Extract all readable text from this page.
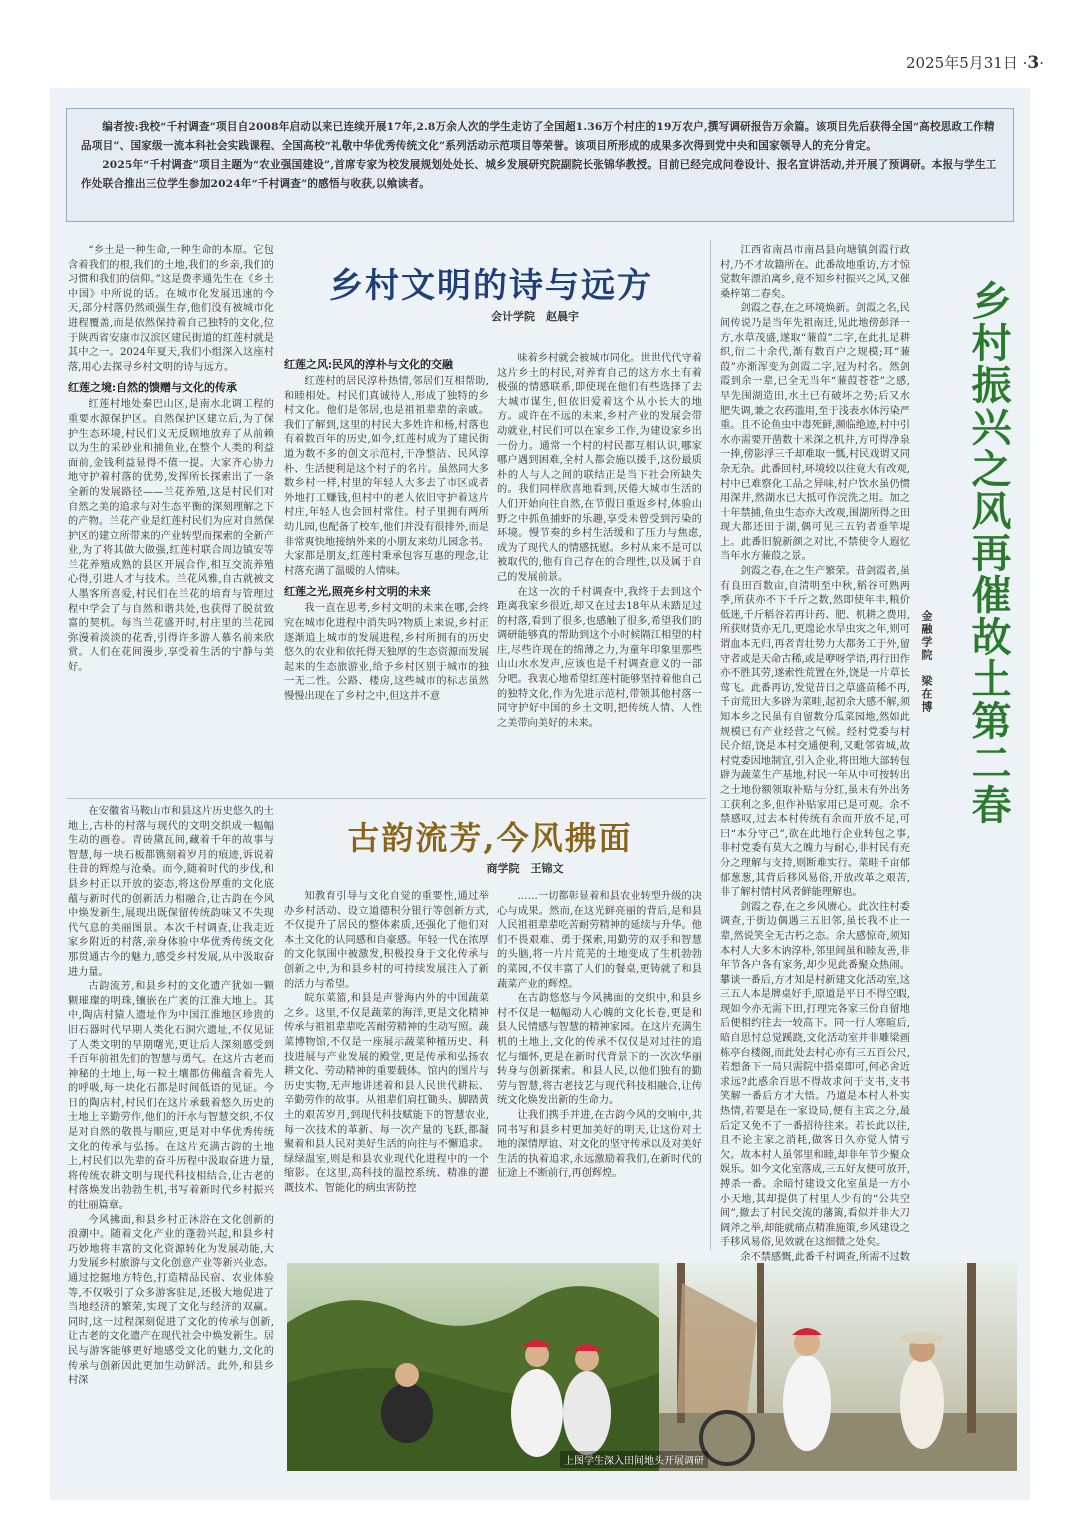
2025年5月31日 ·3·

编者按:我校“千村调查”项目自2008年启动以来已连续开展17年,2.8万余人次的学生走访了全国超1.36万个村庄的19万农户,撰写调研报告万余篇。该项目先后获得全国“高校思政工作精品项目”、国家级一流本科社会实践课程、全国高校“礼敬中华优秀传统文化”系列活动示范项目等荣誉。该项目所形成的成果多次得到党中央和国家领导人的充分肯定。

2025年“千村调查”项目主题为“农业强国建设”,首席专家为校发展规划处处长、城乡发展研究院副院长张锦华教授。目前已经完成问卷设计、报名宣讲活动,并开展了预调研。本报与学生工作处联合推出三位学生参加2024年“千村调查”的感悟与收获,以飨读者。

乡村文明的诗与远方
会计学院　赵晨宇

“乡土是一种生命,一种生命的本原。它包含着我们的根,我们的土地,我们的乡亲,我们的习惯和我们的信仰。”这是费孝通先生在《乡土中国》中所说的话。在城市化发展迅速的今天,部分村落仍然顽强生存,他们没有被城市化进程覆盖,而是依然保持着自己独特的文化,位于陕西省安康市汉滨区建民街道的红莲村就是其中之一。2024年夏天,我们小组深入这座村落,用心去探寻乡村文明的诗与远方。

红莲之境:自然的馈赠与文化的传承

红莲村地处秦巴山区,是南水北调工程的重要水源保护区。自然保护区建立后,为了保护生态环境,村民们义无反顾地放弃了从前赖以为生的采砂业和捕鱼业,在整个人类的利益面前,金钱利益显得不值一提。大家齐心协力地守护着村落的优势,发挥所长探索出了一条全新的发展路径——兰花养殖,这是村民们对自然之美的追求与对生态平衡的深刻理解之下的产物。兰花产业是红莲村民们为应对自然保护区的建立所带来的产业转型而探索的全新产业,为了将其做大做强,红莲村联合周边镇安等兰花养殖成熟的县区开展合作,相互交流养殖心得,引进人才与技术。兰花风雅,自古就被文人墨客所喜爱,村民们在兰花的培育与管理过程中学会了与自然和谐共处,也获得了脱贫致富的契机。每当兰花盛开时,村庄里的兰花园弥漫着淡淡的花香,引得许多游人慕名前来欣赏。人们在花间漫步,享受着生活的宁静与美好。

红莲之风:民风的淳朴与文化的交融

红莲村的居民淳朴热情,邻居们互相帮助,和睦相处。村民们真诚待人,形成了独特的乡村文化。他们是邻居,也是祖祖辈辈的亲戚。我们了解到,这里的村民大多姓许和杨,村落也有着数百年的历史,如今,红莲村成为了建民街道为数不多的创文示范村,干净整洁、民风淳朴、生活便利是这个村子的名片。虽然同大多数乡村一样,村里的年轻人大多去了市区或者外地打工赚钱,但村中的老人依旧守护着这片村庄,年轻人也会回村常住。村子里拥有两所幼儿园,也配备了校车,他们并没有很排外,而是非常爽快地接纳外来的小朋友来幼儿园念书。大家都是朋友,红莲村秉承包容互惠的理念,让村落充满了温暖的人情味。

红莲之光,照亮乡村文明的未来

我一直在思考,乡村文明的未来在哪,会终究在城市化进程中消失吗?物质上来说,乡村正逐渐追上城市的发展进程,乡村所拥有的历史悠久的农业和依托得天独厚的生态资源而发展起来的生态旅游业,给予乡村区别于城市的独一无二性。公路、楼房,这些城市的标志虽然慢慢出现在了乡村之中,但这并不意

味着乡村就会被城市同化。世世代代守着这片乡土的村民,对养育自己的这方水土有着极强的情感联系,即使现在他们有些选择了去大城市谋生,但依旧爱着这个从小长大的地方。或许在不远的未来,乡村产业的发展会带动就业,村民们可以在家乡工作,为建设家乡出一份力。通常一个村的村民都互相认识,哪家哪户遇到困难,全村人都会施以援手,这份最质朴的人与人之间的联结正是当下社会所缺失的。我们同样欣喜地看到,厌倦大城市生活的人们开始向往自然,在节假日重返乡村,体验山野之中抓鱼捕虾的乐趣,享受未曾受到污染的环境。慢节奏的乡村生活缓和了压力与焦虑,成为了现代人的情感抚慰。乡村从来不是可以被取代的,他有自己存在的合理性,以及属于自己的发展前景。

在这一次的千村调查中,我终于去到这个距离我家乡很近,却又在过去18年从未踏足过的村落,看到了很多,也感触了很多,希望我们的调研能够真的帮助到这个小时候隔江相望的村庄,尽些许现在的绵薄之力,为童年印象里那些山山水水发声,应该也是千村调查意义的一部分吧。我衷心地希望红莲村能够坚持着他自己的独特文化,作为先进示范村,带领其他村落一同守护好中国的乡土文明,把传统人情、人性之美带向美好的未来。

古韵流芳,今风拂面
商学院　王锦文

在安徽省马鞍山市和县这片历史悠久的土地上,古朴的村落与现代的文明交织成一幅幅生动的画卷。青砖黛瓦间,藏着千年的故事与智慧,每一块石板都镌刻着岁月的痕迹,诉说着往昔的辉煌与沧桑。而今,随着时代的步伐,和县乡村正以开放的姿态,将这份厚重的文化底蕴与新时代的创新活力相融合,让古韵在今风中焕发新生,展现出既保留传统韵味又不失现代气息的美丽图景。本次千村调查,让我走近家乡附近的村落,亲身体验中华优秀传统文化那贯通古今的魅力,感受乡村发展,从中汲取奋进力量。

古韵流芳,和县乡村的文化遗产犹如一颗颗璀璨的明珠,镶嵌在广袤的江淮大地上。其中,陶店村猿人遗址作为中国江淮地区珍贵的旧石器时代早期人类化石洞穴遗址,不仅见证了人类文明的早期曙光,更让后人深刻感受到千百年前祖先们的智慧与勇气。在这片古老而神秘的土地上,每一粒土壤都仿佛蕴含着先人的呼吸,每一块化石都是时间低语的见证。今日的陶店村,村民们在这片承载着悠久历史的土地上辛勤劳作,他们的汗水与智慧交织,不仅是对自然的敬畏与顺应,更是对中华优秀传统文化的传承与弘扬。在这片充满古韵的土地上,村民们以先辈的奋斗历程中汲取奋进力量,将传统农耕文明与现代科技相结合,让古老的村落焕发出勃勃生机,书写着新时代乡村振兴的壮丽篇章。

今风拂面,和县乡村正沐浴在文化创新的浪潮中。随着文化产业的蓬勃兴起,和县乡村巧妙地将丰富的文化资源转化为发展动能,大力发展乡村旅游与文化创意产业等新兴业态。通过挖掘地方特色,打造精品民宿、农业体验等,不仅吸引了众多游客驻足,还极大地促进了当地经济的繁荣,实现了文化与经济的双赢。同时,这一过程深刻促进了文化的传承与创新,让古老的文化遗产在现代社会中焕发新生。居民与游客能够更好地感受文化的魅力,文化的传承与创新因此更加生动鲜活。此外,和县乡村深

知教育引导与文化自觉的重要性,通过举办乡村活动、设立道德积分银行等创新方式,不仅提升了居民的整体素质,还强化了他们对本土文化的认同感和自豪感。年轻一代在浓厚的文化氛围中被激发,积极投身于文化传承与创新之中,为和县乡村的可持续发展注入了新的活力与希望。

皖东菜篮,和县是声誉海内外的中国蔬菜之乡。这里,不仅是蔬菜的海洋,更是文化精神传承与祖祖辈辈吃苦耐劳精神的生动写照。蔬菜博物馆,不仅是一座展示蔬菜种植历史、科技进展与产业发展的殿堂,更是传承和弘扬农耕文化、劳动精神的重要载体。馆内的图片与历史实物,无声地讲述着和县人民世代耕耘、辛勤劳作的故事。从祖辈们肩扛锄头、脚踏黄土的艰苦岁月,到现代科技赋能下的智慧农业,每一次技术的革新、每一次产量的飞跃,都凝聚着和县人民对美好生活的向往与不懈追求。绿绿温室,则是和县农业现代化进程中的一个缩影。在这里,高科技的温控系统、精准的灌溉技术、智能化的病虫害防控

……一切都彰显着和县农业转型升级的决心与成果。然而,在这光鲜亮丽的背后,是和县人民祖祖辈辈吃苦耐劳精神的延续与升华。他们不畏艰难、勇于探索,用勤劳的双手和智慧的头脑,将一片片荒芜的土地变成了生机勃勃的菜园,不仅丰富了人们的餐桌,更铸就了和县蔬菜产业的辉煌。

在古韵悠悠与今风拂面的交织中,和县乡村不仅是一幅幅动人心魄的文化长卷,更是和县人民情感与智慧的精神家园。在这片充满生机的土地上,文化的传承不仅仅是对过往的追忆与缅怀,更是在新时代背景下的一次次华丽转身与创新探索。和县人民,以他们独有的勤劳与智慧,将古老技艺与现代科技相融合,让传统文化焕发出新的生命力。

让我们携手并进,在古韵今风的交响中,共同书写和县乡村更加美好的明天,让这份对土地的深情厚谊、对文化的坚守传承以及对美好生活的执着追求,永远激励着我们,在新时代的征途上不断前行,再创辉煌。

江西省南昌市南昌县向塘镇剑霞行政村,乃不才故籍所在。此番故地重访,方才惊觉数年漂泊离乡,竟不知乡村振兴之风,又催桑梓第二春矣。

剑霞之春,在之环境焕新。剑霞之名,民间传说乃是当年先祖南迁,见此地傍彭泽一方,水草茂盛,遂取“蒹葭”二字,在此扎足耕织,衍二十余代,渐有数百户之规模;耳“蒹葭”亦渐浑变为剑霞二字,冠为村名。然剑霞到余一辈,已全无当年“蒹葭苍苍”之感,早先围湖造田,水土已有破坏之势;后又水肥失调,兼之农药滥用,至于浅表水体污染严重。且不论鱼虫中毒死鲜,濒临绝迹,村中引水亦需要开凿数十米深之机井,方可得净泉一捧,傍影浮三千却难取一瓢,村民戏谓又同杂无杂。此番回村,环境较以往竟大有改观,村中已难察化工品之异味,村户饮水虽仍惯用深井,然湖水已大抵可作浣洗之用。加之十年禁捕,鱼虫生态亦大改观,围湖所得之田现大都还田于湖,偶可见三五钓者垂竿堤上。此番旧貌新颜之对比,不禁使令人遐忆当年水方蒹葭之景。

剑霞之春,在之生产繁荣。昔剑霞者,虽有良田百数亩,自清明至中秋,稻谷可熟两季,所获亦不下千斤之数,然即使年丰,粮价低迷,千斤稻谷若再计药、肥、机耕之费用,所获财货亦无几,更遑论水旱虫灾之年,则可谓血本无归,再者青壮势力大都务工于外,留守者或是天命古稀,或是咿呀学语,再行田作亦不胜其劳,遂索性荒置在外,饶是一片草长莺飞。此番再访,发觉昔日之草盛苗稀不再,千亩荒田大多辟为菜畦,起初余大感不解,须知本乡之民虽有自留数分瓜菜园地,然如此规模已有产业经营之气候。经村党委与村民介绍,饶是本村交通便利,又毗邻省城,故村党委因地制宜,引入企业,将田地大部转包辟为蔬菜生产基地,村民一年从中可按转出之土地份额领取补贴与分红,虽未有外出务工获利之多,但作补贴家用已是可观。余不禁感叹,过去本村传统有余而开放不足,可曰“本分守己”,欲在此地行企业转包之事,非村党委有莫大之魄力与耐心,非村民有充分之理解与支持,则断难实行。菜畦千亩郁郁葱葱,其背后移风易俗,开放改革之艰苦,非了解村情村风者鲜能理解也。

剑霞之春,在之乡风赓心。此次往村委调查,于街边偶遇三五旧邻,虽长我不止一辈,然说笑全无古朽之态。余大感惊奇,须知本村人大多木讷淳朴,邻里间虽和睦友善,非年节各户各有家务,却少见此番聚众热闹。攀谈一番后,方才知是村新建文化活动室,这三五人本是牌桌好手,原道是平日不得空暇,现如今亦无需下田,打理完各家三份自留地后便相约往去一较高下。同一行人寒暄后,暗自思忖总觉蹊跷,文化活动室并非雕梁画栋亭台楼阁,而此处去村心亦有三五百公尺,若想备下一局只需院中搭桌即可,何必舍近求远?此惑余百思不得故求问于支书,支书笑解一番后方才大悟。乃道是本村人朴实热情,若要是在一家设局,便有主宾之分,最后定又免不了一番招待往来。若长此以往,且不论主家之消耗,做客日久亦觉人情亏欠。故本村人虽邻里和睦,却非年节少聚众娱乐。如今文化室落成,三五好友便可放开,搏杀一番。余暗忖建设文化室虽是一方小小天地,其却提供了村里人少有的“公共空间”,撤去了村民交流的藩篱,看似并非大刀阔斧之举,却能就痛点精准施策,乡风建设之手移风易俗,见效就在这细微之处矣。

余不禁感慨,此番千村调查,所需不过数

乡村振兴之风再催故土第二春
金融学院　梁在博
上图学生深入田间地头开展调研
